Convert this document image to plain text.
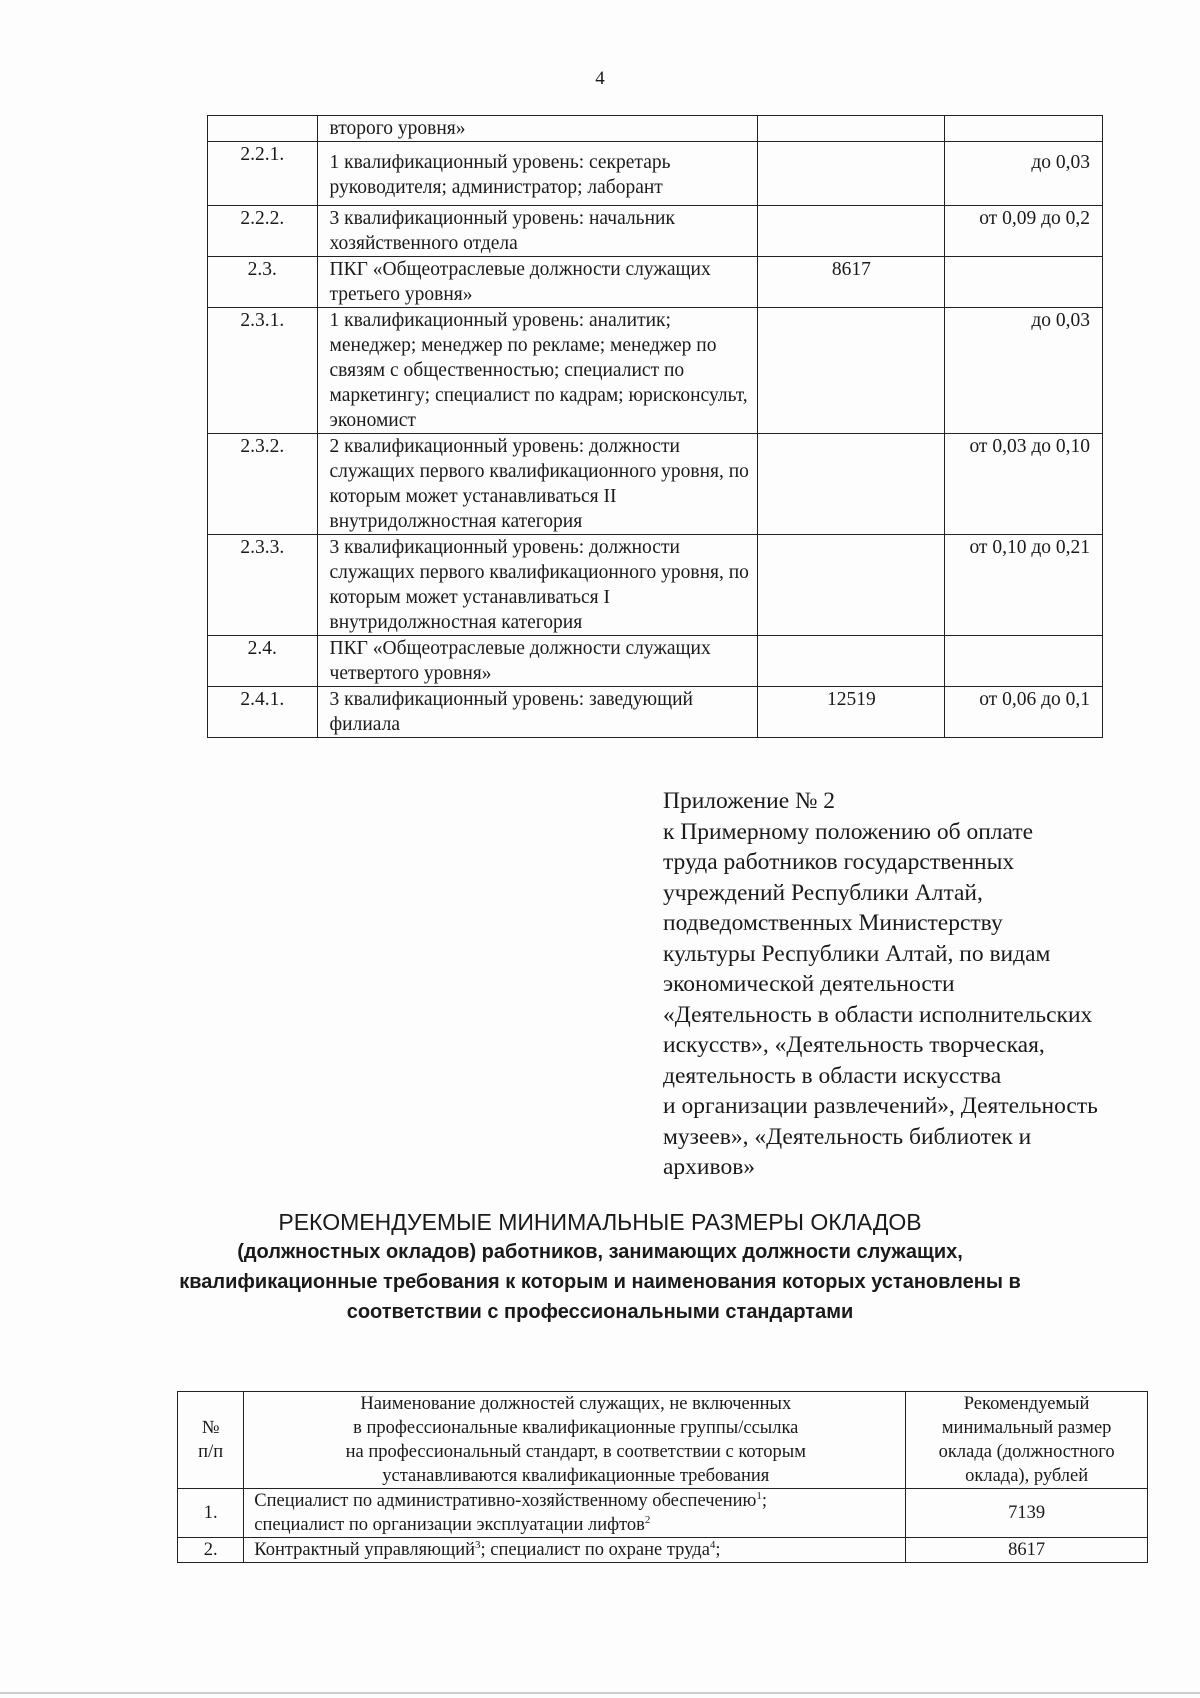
4
	второго уровня»		
2.2.1.	1 квалификационный уровень: секретарь руководителя; администратор; лаборант		до 0,03
2.2.2.	3 квалификационный уровень: начальник хозяйственного отдела		от 0,09 до 0,2
2.3.	ПКГ «Общеотраслевые должности служащих третьего уровня»	8617	
2.3.1.	1 квалификационный уровень: аналитик; менеджер; менеджер по рекламе; менеджер по связям с общественностью; специалист по маркетингу; специалист по кадрам; юрисконсульт, экономист		до 0,03
2.3.2.	2 квалификационный уровень: должности служащих первого квалификационного уровня, по которым может устанавливаться II внутридолжностная категория		от 0,03 до 0,10
2.3.3.	3 квалификационный уровень: должности служащих первого квалификационного уровня, по которым может устанавливаться I внутридолжностная категория		от 0,10 до 0,21
2.4.	ПКГ «Общеотраслевые должности служащих четвертого уровня»		
2.4.1.	3 квалификационный уровень: заведующий филиала	12519	от 0,06 до 0,1
Приложение № 2
к Примерному положению об оплате
труда работников государственных
учреждений Республики Алтай,
подведомственных Министерству
культуры Республики Алтай, по видам
экономической деятельности
«Деятельность в области исполнительских
искусств», «Деятельность творческая,
деятельность в области искусства
и организации развлечений», Деятельность
музеев», «Деятельность библиотек и
архивов»
РЕКОМЕНДУЕМЫЕ МИНИМАЛЬНЫЕ РАЗМЕРЫ ОКЛАДОВ
(должностных окладов) работников, занимающих должности служащих,
квалификационные требования к которым и наименования которых установлены в
соответствии с профессиональными стандартами
№
п/п	Наименование должностей служащих, не включенных
в профессиональные квалификационные группы/ссылка
на профессиональный стандарт, в соответствии с которым
устанавливаются квалификационные требования	Рекомендуемый
минимальный размер
оклада (должностного
оклада), рублей
1.	Специалист по административно-хозяйственному обеспечению$^1$;
специалист по организации эксплуатации лифтов$^2$	7139
2.	Контрактный управляющий$^3$; специалист по охране труда$^4$;	8617
